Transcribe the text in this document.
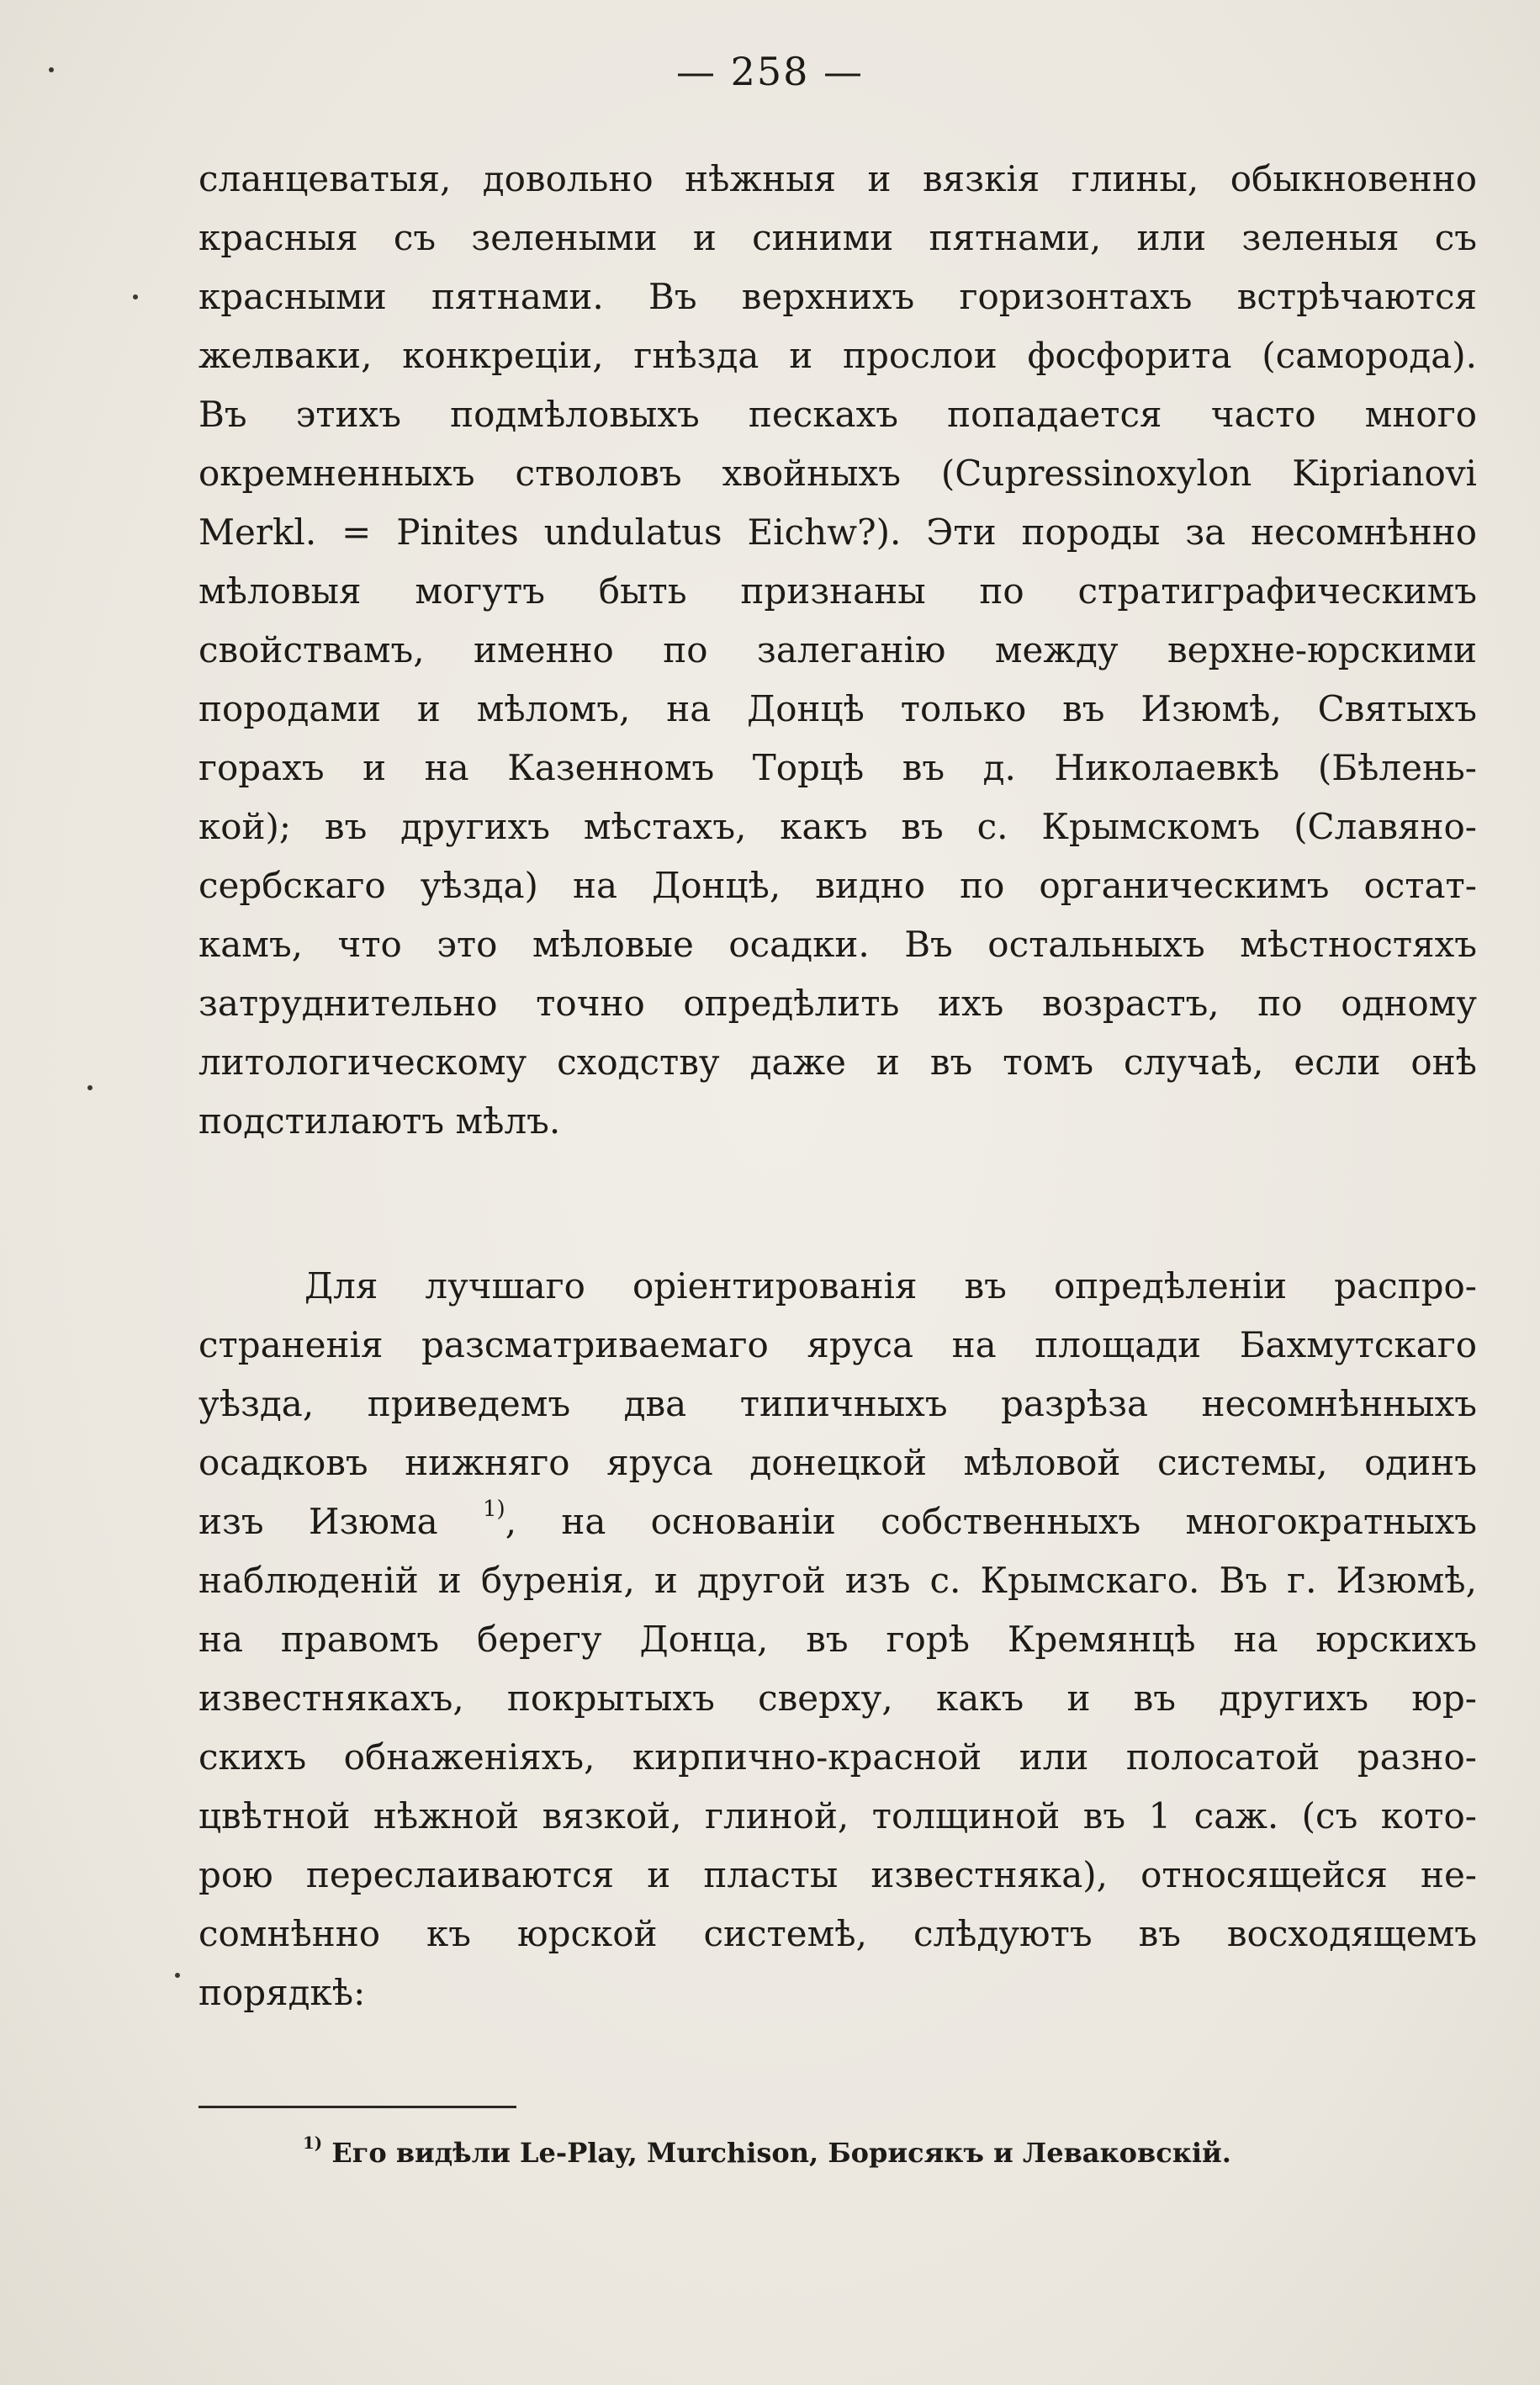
— 258 —
сланцеватыя, довольно нѣжныя и вязкія глины, обыкновенно
красныя съ зелеными и синими пятнами, или зеленыя съ
красными пятнами. Въ верхнихъ горизонтахъ встрѣчаются
желваки, конкреціи, гнѣзда и прослои фосфорита (самородa).
Въ этихъ подмѣловыхъ пескахъ попадается часто много
окремненныхъ стволовъ хвойныхъ (Cupressinoxylon Kiprianovi
Merkl. = Pinites undulatus Eichw?). Эти породы за несомнѣнно
мѣловыя могутъ быть признаны по стратиграфическимъ
свойствамъ, именно по залеганію между верхне-юрскими
породами и мѣломъ, на Донцѣ только въ Изюмѣ, Святыхъ
горахъ и на Казенномъ Торцѣ въ д. Николаевкѣ (Бѣлень-
кой); въ другихъ мѣстахъ, какъ въ с. Крымскомъ (Славяно-
сербскаго уѣзда) на Донцѣ, видно по органическимъ остат-
камъ, что это мѣловые осадки. Въ остальныхъ мѣстностяхъ
затруднительно точно опредѣлить ихъ возрастъ, по одному
литологическому сходству даже и въ томъ случаѣ, если онѣ
подстилаютъ мѣлъ.
Для лучшаго оріентированія въ опредѣленіи распро-
страненія разсматриваемаго яруса на площади Бахмутскаго
уѣзда, приведемъ два типичныхъ разрѣза несомнѣнныхъ
осадковъ нижняго яруса донецкой мѣловой системы, одинъ
изъ Изюма $^{1)}$, на основаніи собственныхъ многократныхъ
наблюденій и буренія, и другой изъ с. Крымскаго. Въ г. Изюмѣ,
на правомъ берегу Донца, въ горѣ Кремянцѣ на юрскихъ
известнякахъ, покрытыхъ сверху, какъ и въ другихъ юр-
скихъ обнаженіяхъ, кирпично-красной или полосатой разно-
цвѣтной нѣжной вязкой, глиной, толщиной въ 1 саж. (съ кото-
рою переслаиваются и пласты известняка), относящейся не-
сомнѣнно къ юрской системѣ, слѣдуютъ въ восходящемъ
порядкѣ:
$^{1)}$ Его видѣли Le-Play, Murchison, Борисякъ и Леваковскій.
